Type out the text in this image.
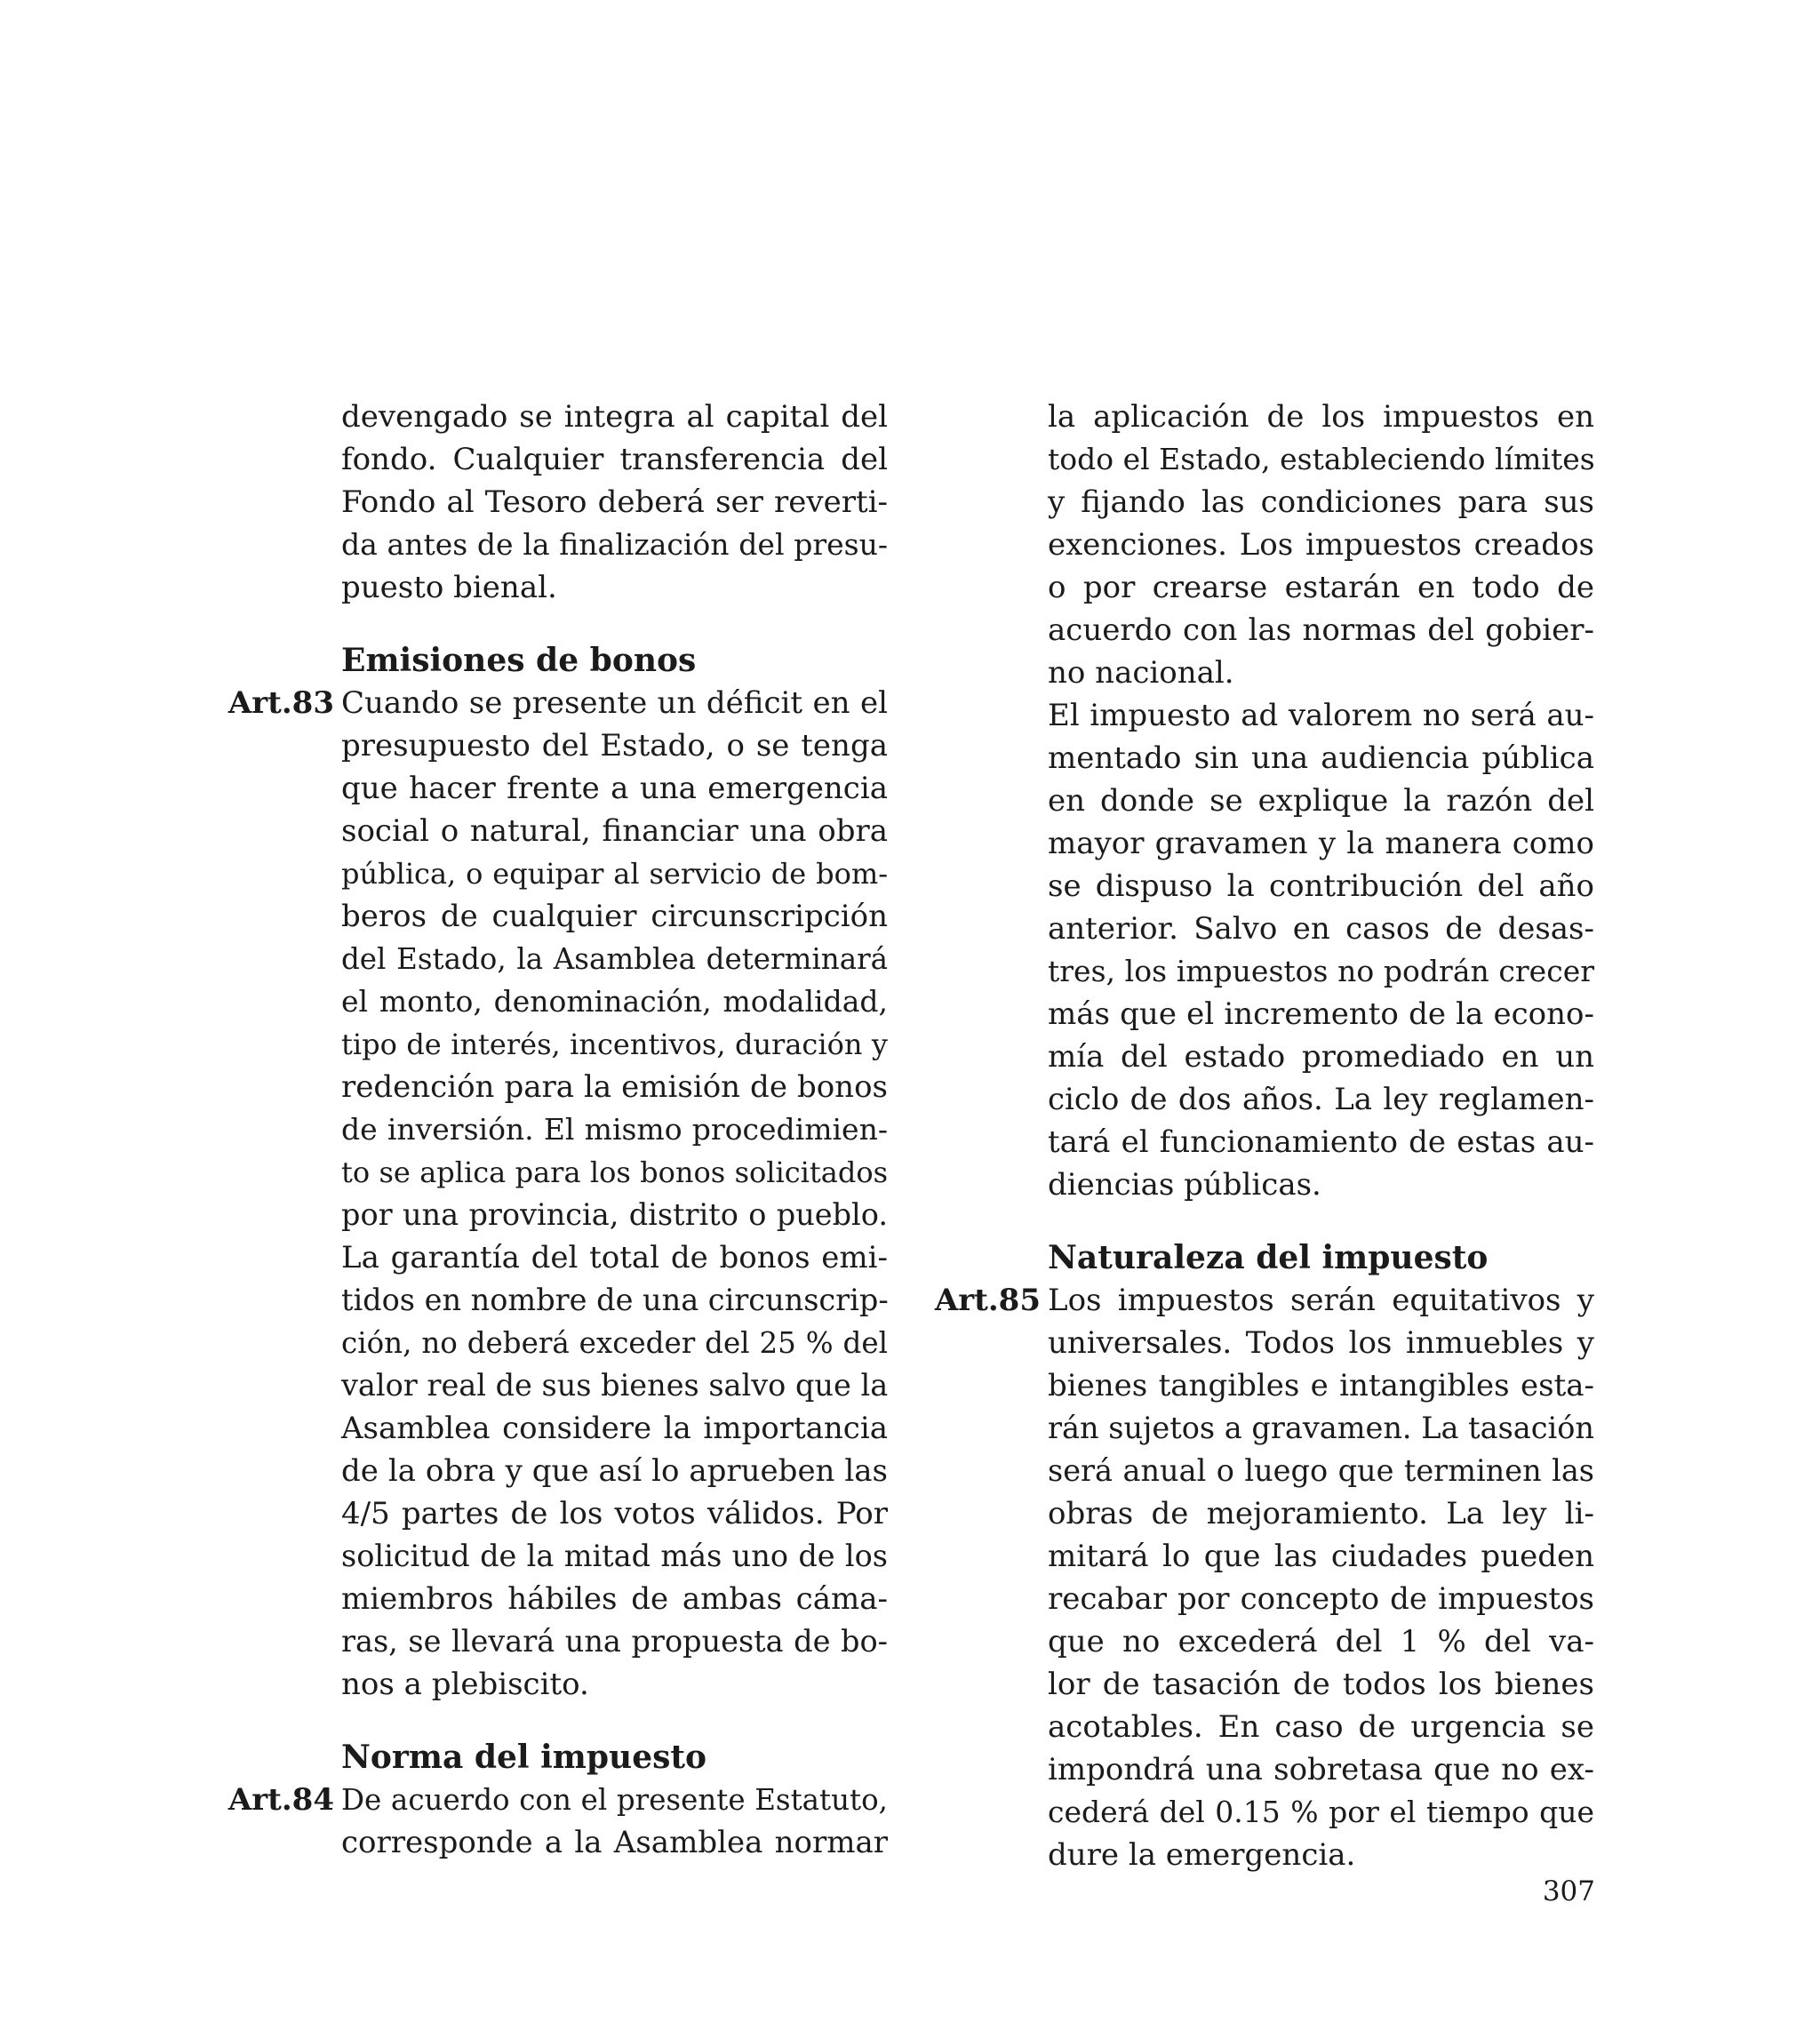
devengado se integra al capital del
fondo. Cualquier transferencia del
Fondo al Tesoro deberá ser reverti-
da antes de la finalización del presu-
puesto bienal.
Emisiones de bonos
Art.83 Cuando se presente un déficit en el
presupuesto del Estado, o se tenga
que hacer frente a una emergencia
social o natural, financiar una obra
pública, o equipar al servicio de bom-
beros de cualquier circunscripción
del Estado, la Asamblea determinará
el monto, denominación, modalidad,
tipo de interés, incentivos, duración y
redención para la emisión de bonos
de inversión. El mismo procedimien-
to se aplica para los bonos solicitados
por una provincia, distrito o pueblo.
La garantía del total de bonos emi-
tidos en nombre de una circunscrip-
ción, no deberá exceder del 25 % del
valor real de sus bienes salvo que la
Asamblea considere la importancia
de la obra y que así lo aprueben las
4/5 partes de los votos válidos. Por
solicitud de la mitad más uno de los
miembros hábiles de ambas cáma-
ras, se llevará una propuesta de bo-
nos a plebiscito.
Norma del impuesto
Art.84 De acuerdo con el presente Estatuto,
corresponde a la Asamblea normar
la aplicación de los impuestos en
todo el Estado, estableciendo límites
y fijando las condiciones para sus
exenciones. Los impuestos creados
o por crearse estarán en todo de
acuerdo con las normas del gobier-
no nacional.
El impuesto ad valorem no será au-
mentado sin una audiencia pública
en donde se explique la razón del
mayor gravamen y la manera como
se dispuso la contribución del año
anterior. Salvo en casos de desas-
tres, los impuestos no podrán crecer
más que el incremento de la econo-
mía del estado promediado en un
ciclo de dos años. La ley reglamen-
tará el funcionamiento de estas au-
diencias públicas.
Naturaleza del impuesto
Art.85 Los impuestos serán equitativos y
universales. Todos los inmuebles y
bienes tangibles e intangibles esta-
rán sujetos a gravamen. La tasación
será anual o luego que terminen las
obras de mejoramiento. La ley li-
mitará lo que las ciudades pueden
recabar por concepto de impuestos
que no excederá del 1 % del va-
lor de tasación de todos los bienes
acotables. En caso de urgencia se
impondrá una sobretasa que no ex-
cederá del 0.15 % por el tiempo que
dure la emergencia.
307
